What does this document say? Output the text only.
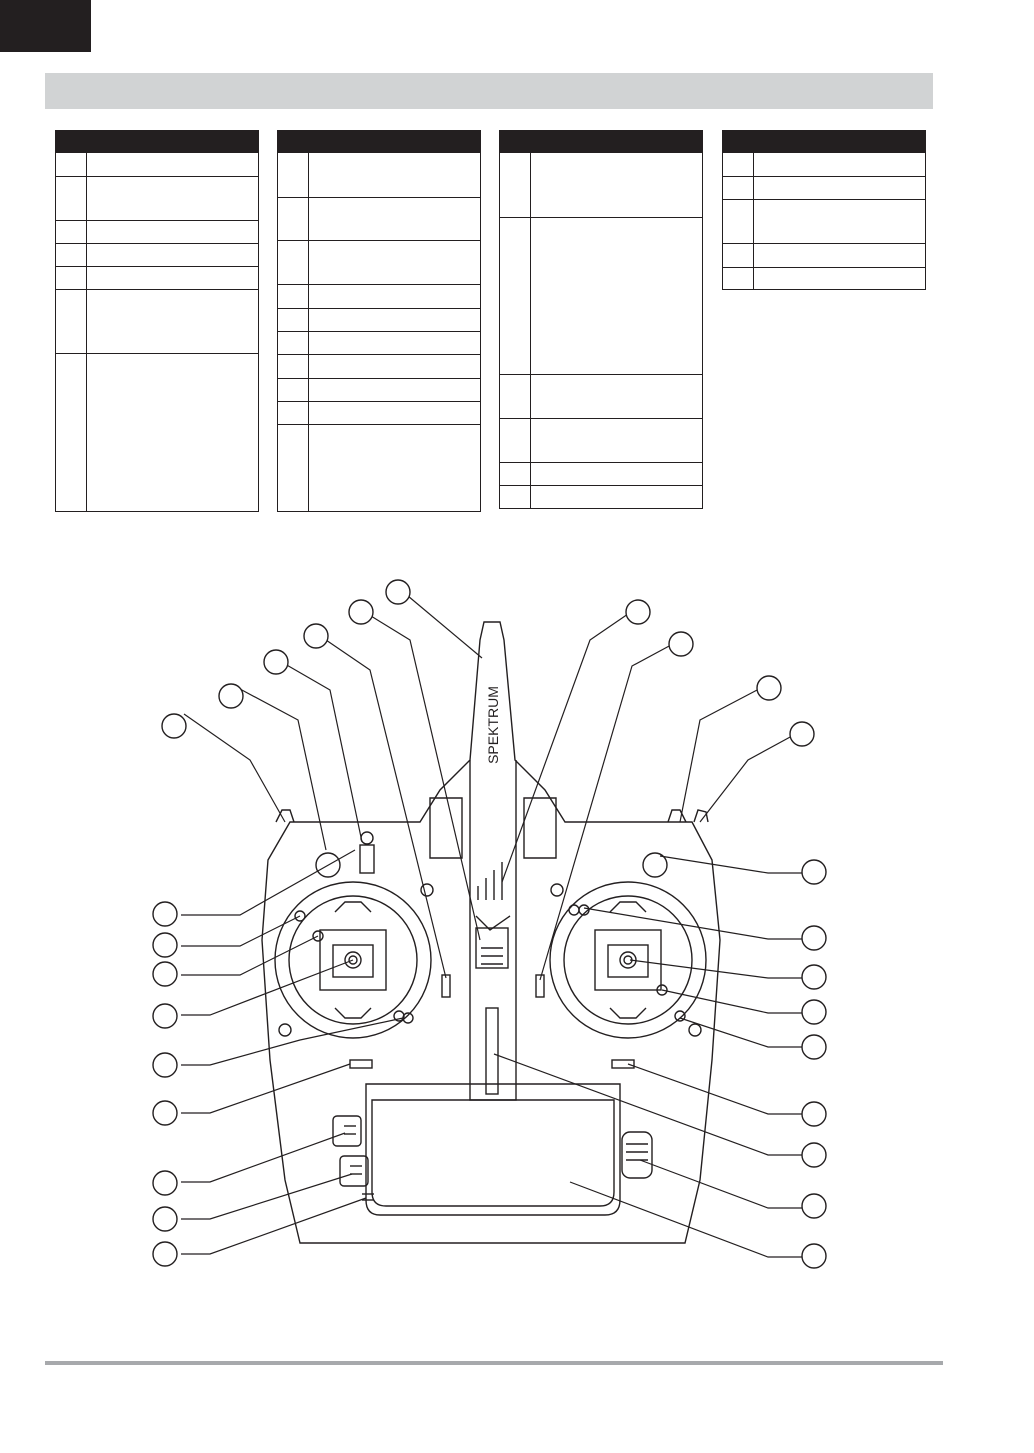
SPEKTRUM
